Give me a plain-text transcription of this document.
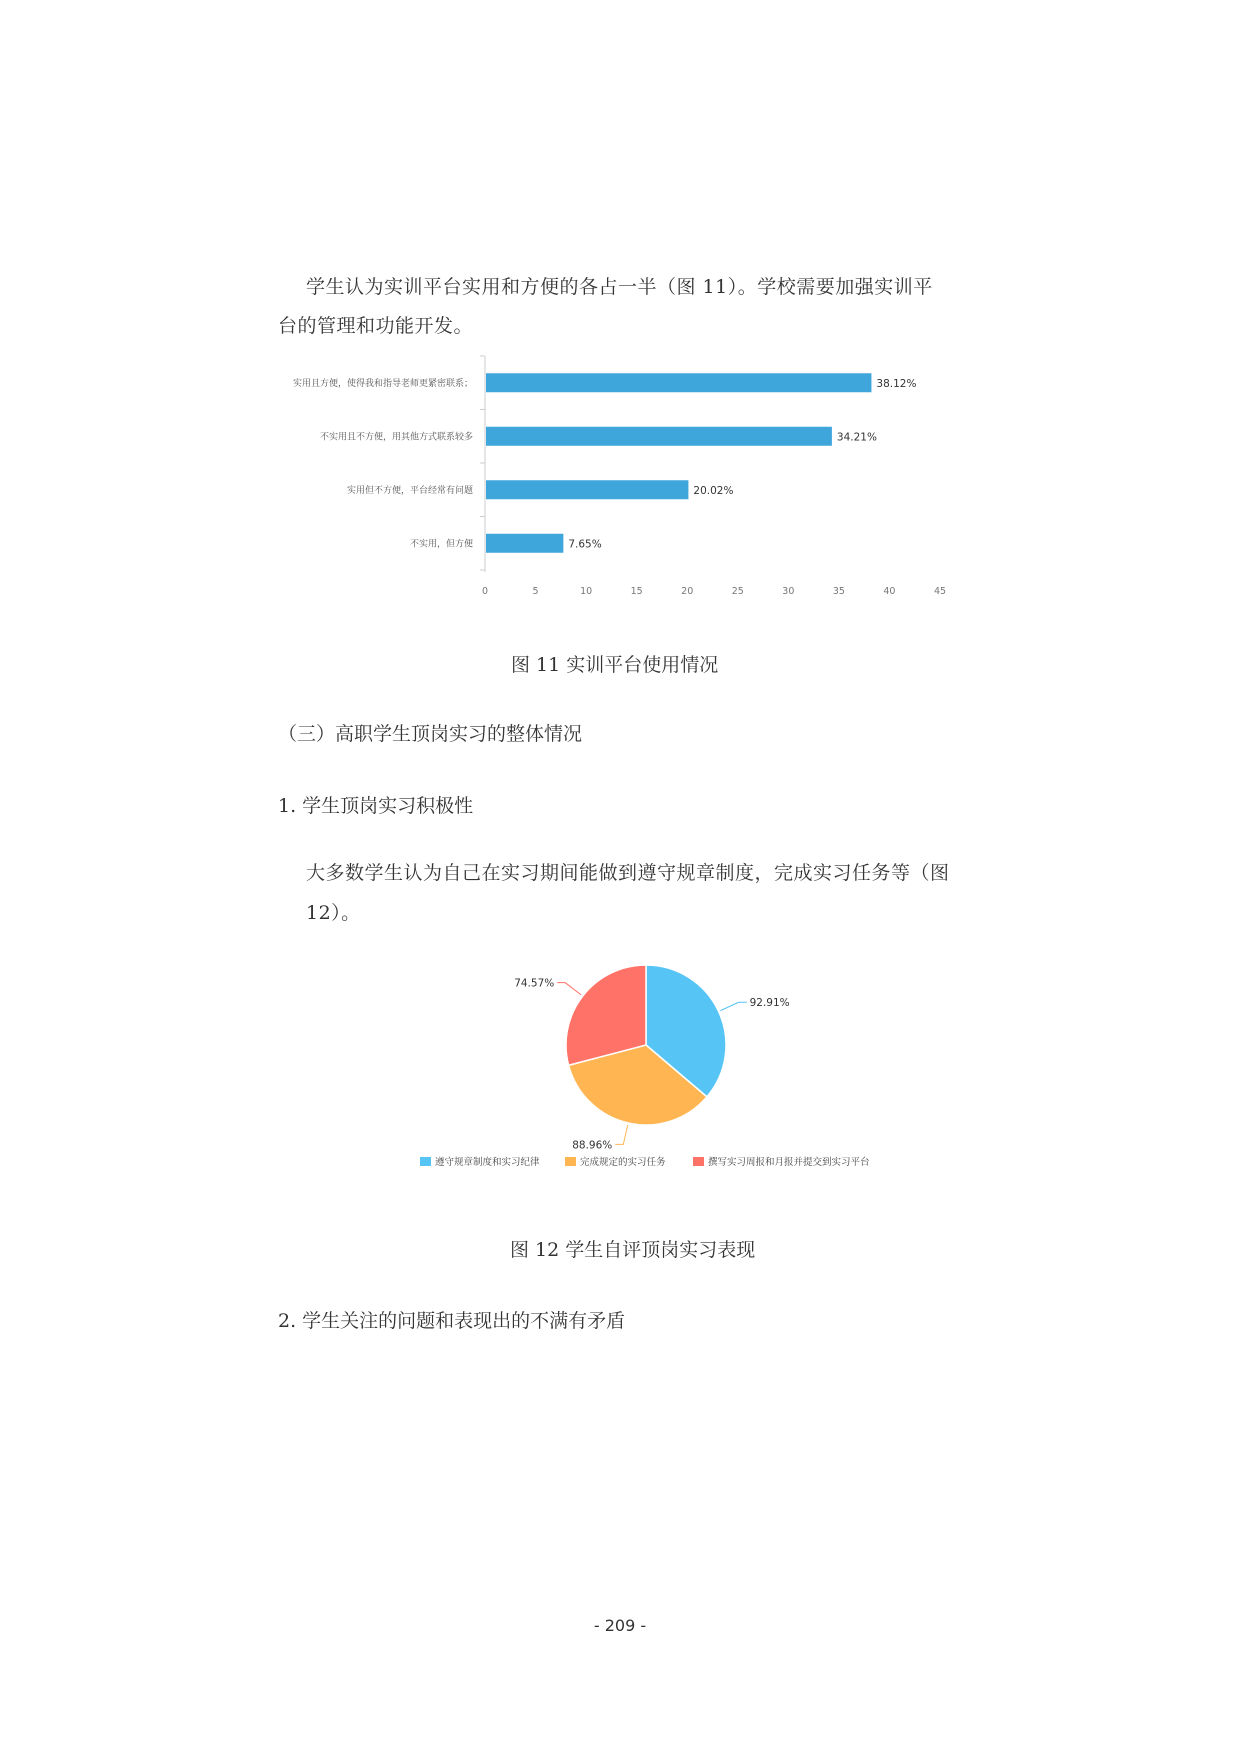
学生认为实训平台实用和方便的各占一半（图 11）。学校需要加强实训平
台的管理和功能开发。
实用且方便，使得我和指导老师更紧密联系；	38.12%
不实用且不方便，用其他方式联系较多	34.21%
实用但不方便，平台经常有问题	20.02%
不实用，但方便	7.65%
0	5	10	15	20	25	30	35	40	45
图 11 实训平台使用情况
（三）高职学生顶岗实习的整体情况
1. 学生顶岗实习积极性
大多数学生认为自己在实习期间能做到遵守规章制度，完成实习任务等（图
12）。
92.91%
88.96%
74.57%
遵守规章制度和实习纪律	完成规定的实习任务	撰写实习周报和月报并提交到实习平台
图 12 学生自评顶岗实习表现
2. 学生关注的问题和表现出的不满有矛盾
- 209 -
